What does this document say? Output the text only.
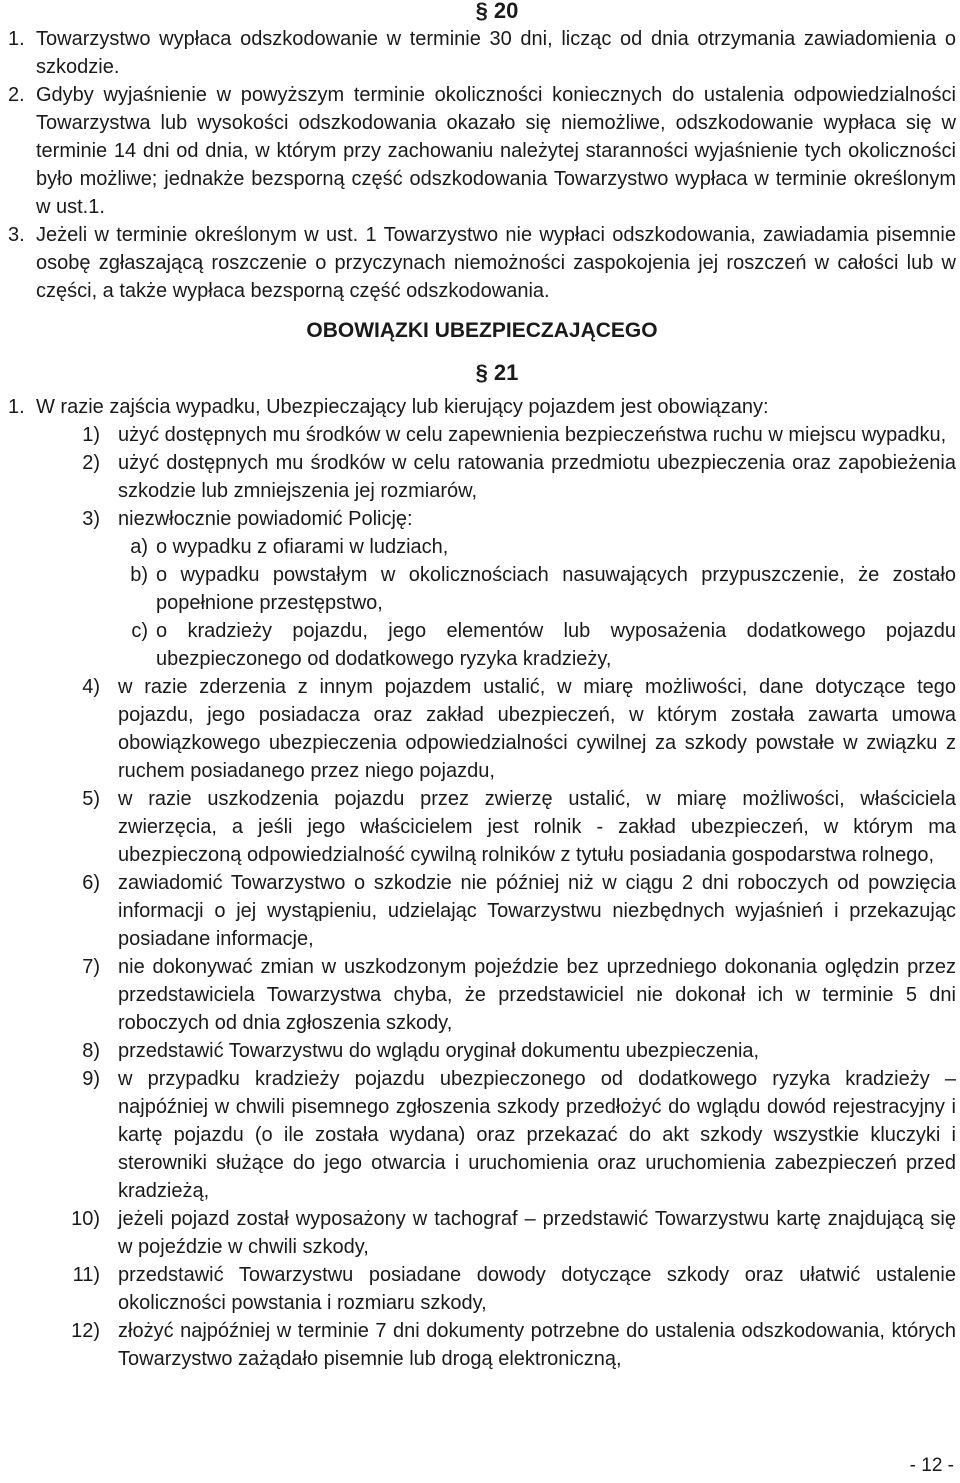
§ 20
1. Towarzystwo wypłaca odszkodowanie w terminie 30 dni, licząc od dnia otrzymania zawiadomienia o szkodzie.
2. Gdyby wyjaśnienie w powyższym terminie okoliczności koniecznych do ustalenia odpowiedzialności Towarzystwa lub wysokości odszkodowania okazało się niemożliwe, odszkodowanie wypłaca się w terminie 14 dni od dnia, w którym przy zachowaniu należytej staranności wyjaśnienie tych okoliczności było możliwe; jednakże bezsporną część odszkodowania Towarzystwo wypłaca w terminie określonym w ust.1.
3. Jeżeli w terminie określonym w ust. 1 Towarzystwo nie wypłaci odszkodowania, zawiadamia pisemnie osobę zgłaszającą roszczenie o przyczynach niemożności zaspokojenia jej roszczeń w całości lub w części, a także wypłaca bezsporną część odszkodowania.
OBOWIĄZKI UBEZPIECZAJĄCEGO
§ 21
1. W razie zajścia wypadku, Ubezpieczający lub kierujący pojazdem jest obowiązany:
1) użyć dostępnych mu środków w celu zapewnienia bezpieczeństwa ruchu w miejscu wypadku,
2) użyć dostępnych mu środków w celu ratowania przedmiotu ubezpieczenia oraz zapobieżenia szkodzie lub zmniejszenia jej rozmiarów,
3) niezwłocznie powiadomić Policję:
a) o wypadku z ofiarami w ludziach,
b) o wypadku powstałym w okolicznościach nasuwających przypuszczenie, że zostało popełnione przestępstwo,
c) o kradzieży pojazdu, jego elementów lub wyposażenia dodatkowego pojazdu ubezpieczonego od dodatkowego ryzyka kradzieży,
4) w razie zderzenia z innym pojazdem ustalić, w miarę możliwości, dane dotyczące tego pojazdu, jego posiadacza oraz zakład ubezpieczeń, w którym została zawarta umowa obowiązkowego ubezpieczenia odpowiedzialności cywilnej za szkody powstałe w związku z ruchem posiadanego przez niego pojazdu,
5) w razie uszkodzenia pojazdu przez zwierzę ustalić, w miarę możliwości, właściciela zwierzęcia, a jeśli jego właścicielem jest rolnik - zakład ubezpieczeń, w którym ma ubezpieczoną odpowiedzialność cywilną rolników z tytułu posiadania gospodarstwa rolnego,
6) zawiadomić Towarzystwo o szkodzie nie później niż w ciągu 2 dni roboczych od powzięcia informacji o jej wystąpieniu, udzielając Towarzystwu niezbędnych wyjaśnień i przekazując posiadane informacje,
7) nie dokonywać zmian w uszkodzonym pojeździe bez uprzedniego dokonania oględzin przez przedstawiciela Towarzystwa chyba, że przedstawiciel nie dokonał ich w terminie 5 dni roboczych od dnia zgłoszenia szkody,
8) przedstawić Towarzystwu do wglądu oryginał dokumentu ubezpieczenia,
9) w przypadku kradzieży pojazdu ubezpieczonego od dodatkowego ryzyka kradzieży – najpóźniej w chwili pisemnego zgłoszenia szkody przedłożyć do wglądu dowód rejestracyjny i kartę pojazdu (o ile została wydana) oraz przekazać do akt szkody wszystkie kluczyki i sterowniki służące do jego otwarcia i uruchomienia oraz uruchomienia zabezpieczeń przed kradzieżą,
10) jeżeli pojazd został wyposażony w tachograf – przedstawić Towarzystwu kartę znajdującą się w pojeździe w chwili szkody,
11) przedstawić Towarzystwu posiadane dowody dotyczące szkody oraz ułatwić ustalenie okoliczności powstania i rozmiaru szkody,
12) złożyć najpóźniej w terminie 7 dni dokumenty potrzebne do ustalenia odszkodowania, których Towarzystwo zażądało pisemnie lub drogą elektroniczną,
- 12 -
